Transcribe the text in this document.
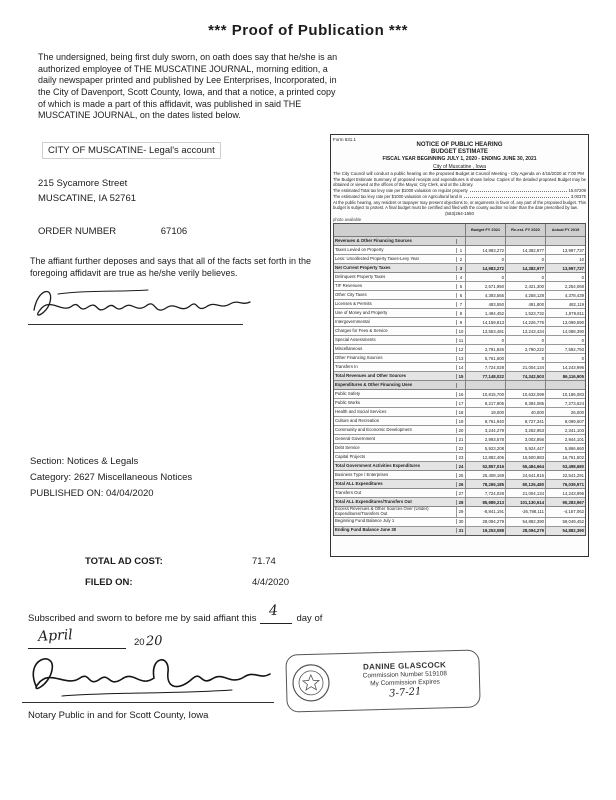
*** Proof of Publication ***
The undersigned, being first duly sworn, on oath does say that he/she is an authorized employee of THE MUSCATINE JOURNAL, morning edition, a daily newspaper printed and published by Lee Enterprises, Incorporated, in the City of Davenport, Scott County, Iowa, and that a notice, a printed copy of which is made a part of this affidavit, was published in said THE MUSCATINE JOURNAL, on the dates listed below.
CITY OF MUSCATINE- Legal's account
215 Sycamore Street
MUSCATINE, IA 52761
ORDER NUMBER	67106
The affiant further deposes and says that all of the facts set forth in the foregoing affidavit are true as he/she verily believes.
Form 631.1
NOTICE OF PUBLIC HEARING
BUDGET ESTIMATE
FISCAL YEAR BEGINNING JULY 1, 2020 - ENDING JUNE 30, 2021
City of Muscatine , Iowa
The City Council will conduct a public hearing on the proposed Budget at Council Meeting - City Agenda on 4/16/2020 at 7:00 PM
The Budget Estimate Summary of proposed receipts and expenditures is shown below. Copies of the detailed proposed Budget may be obtained or viewed at the offices of the Mayor, City Clerk, and at the Library.
The estimated Total tax levy rate per $1000 valuation on regular property	15.67209
The estimated tax levy rate per $1000 valuation on Agricultural land is	3.00375
At the public hearing, any resident or taxpayer may present objections to, or arguments in favor of, any part of the proposed budget. This budget is subject to protest. A final budget must be certified and filed with the county auditor no later than the date prescribed by law.
(563)264-1550
photo available
Budget FY 2021	Re-est. FY 2020	Actual FY 2019
Revenues & Other Financing Sources
Taxes Levied on Property	1	14,983,272	14,382,977	13,997,737
Less: Uncollected Property Taxes-Levy Year	2	0	0	10
Net Current Property Taxes	3	14,983,272	14,382,977	13,997,727
Delinquent Property Taxes	4	0	0	0
TIF Revenues	5	2,571,950	2,421,300	2,254,068
Other City Taxes	6	4,393,565	4,258,128	4,378,439
Licenses & Permits	7	483,550	491,800	482,119
Use of Money and Property	8	1,494,452	1,523,732	1,979,811
Intergovernmental	9	14,159,813	14,226,776	13,099,590
Charges for Fees & Service	10	13,553,481	13,243,434	14,088,390
Special Assessments	11	0	0	0
Miscellaneous	12	2,791,826	2,790,222	7,592,793
Other Financing Sources	13	5,761,600	0	0
Transfers In	14	7,724,028	21,004,134	14,243,996
Total Revenues and Other Sources	15	77,148,022	74,342,503	86,116,905
Expenditures & Other Financing Uses
Public Safety	16	10,815,700	10,632,099	10,186,083
Public Works	17	8,217,905	8,394,085	7,273,624
Health and Social Services	18	19,000	40,000	26,000
Culture and Recreation	19	8,761,940	8,727,341	8,099,607
Community and Economic Development	20	3,244,279	3,262,953	2,341,103
General Government	21	2,993,578	3,002,856	2,944,101
Debt Service	22	5,923,208	5,924,447	5,866,660
Capital Projects	23	12,882,406	15,500,883	16,761,502
Total Government Activities Expenditures	24	52,857,016	55,484,664	53,498,680
Business Type / Enterprises	25	25,408,169	24,641,816	22,541,291
Total ALL Expenditures	26	78,265,185	80,126,480	76,039,971
Transfers Out	27	7,724,028	21,004,134	14,243,996
Total ALL Expenditures/Transfers Out	28	85,989,213	101,130,614	90,283,967
Excess Revenues & Other Sources Over (Under) Expenditures/Transfers Out	29	-8,841,191	-26,788,111	-4,167,062
Beginning Fund Balance July 1	30	28,094,279	54,882,390	59,049,452
Ending Fund Balance June 30	31	19,253,088	28,094,279	54,882,390
Section: Notices & Legals
Category: 2627 Miscellaneous Notices
PUBLISHED ON: 04/04/2020
TOTAL AD COST:	71.74
FILED ON:	4/4/2020
Subscribed and sworn to before me by said affiant this 4 day of
April	2020
DANINE GLASCOCK
Commission Number 519108
My Commission Expires
3-7-21
Notary Public in and for Scott County, Iowa
